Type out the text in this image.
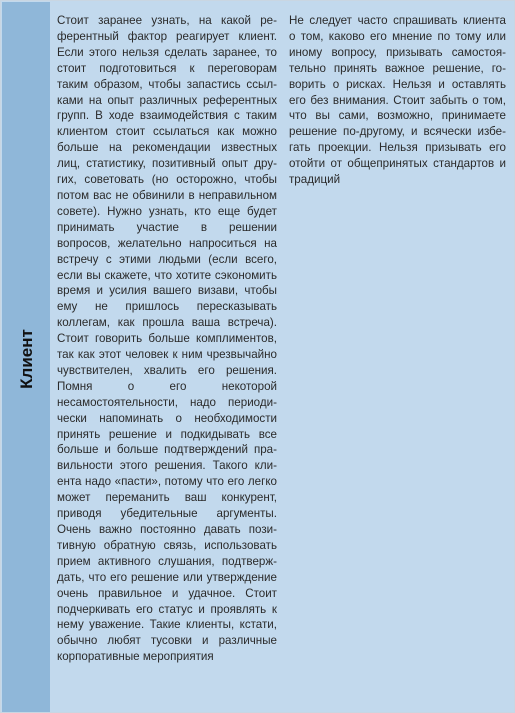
Клиент
Стоит заранее узнать, на какой референтный фактор реагирует клиент. Если этого нельзя сделать заранее, то стоит подготовиться к переговорам таким образом, чтобы запастись ссылками на опыт различных референтных групп. В ходе взаимодействия с таким клиентом стоит ссылаться как можно больше на рекомендации известных лиц, статистику, позитивный опыт других, советовать (но осторожно, чтобы потом вас не обвинили в неправильном совете). Нужно узнать, кто еще будет принимать участие в решении вопросов, желательно напроситься на встречу с этими людьми (если всего, если вы скажете, что хотите сэкономить время и усилия вашего визави, чтобы ему не пришлось пересказывать коллегам, как прошла ваша встреча). Стоит говорить больше комплиментов, так как этот человек к ним чрезвычайно чувствителен, хвалить его решения. Помня о его некоторой несамостоятельности, надо периодически напоминать о необходимости принять решение и подкидывать все больше и больше подтверждений правильности этого решения. Такого клиента надо «пасти», потому что его легко может переманить ваш конкурент, приводя убедительные аргументы. Очень важно постоянно давать позитивную обратную связь, использовать прием активного слушания, подтверждать, что его решение или утверждение очень правильное и удачное. Стоит подчеркивать его статус и проявлять к нему уважение. Такие клиенты, кстати, обычно любят тусовки и различные корпоративные мероприятия
Не следует часто спрашивать клиента о том, каково его мнение по тому или иному вопросу, призывать самостоятельно принять важное решение, говорить о рисках. Нельзя и оставлять его без внимания. Стоит забыть о том, что вы сами, возможно, принимаете решение по-другому, и всячески избегать проекции. Нельзя призывать его отойти от общепринятых стандартов и традиций
